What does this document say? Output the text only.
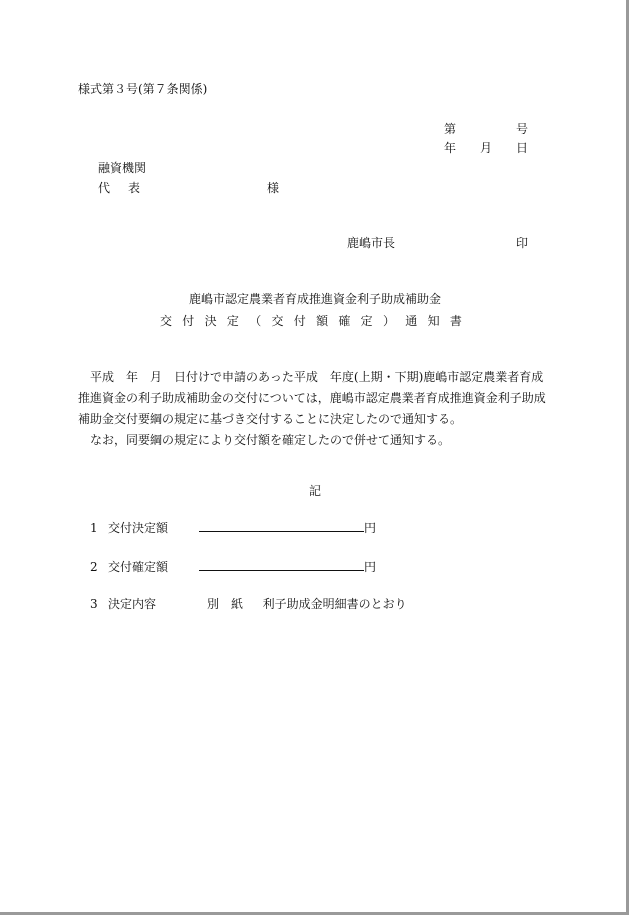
様式第３号(第７条関係)
第	号
年 月 日
融資機関
代 表	様
鹿嶋市長	印
鹿嶋市認定農業者育成推進資金利子助成補助金
交 付 決 定 （ 交 付 額 確 定 ） 通 知 書

平成　年　月　日付けで申請のあった平成　年度(上期・下期)鹿嶋市認定農業者育成推進資金の利子助成補助金の交付については，鹿嶋市認定農業者育成推進資金利子助成補助金交付要綱の規定に基づき交付することに決定したので通知する。

なお，同要綱の規定により交付額を確定したので併せて通知する。

記
1 交付決定額	円
2 交付確定額	円
3 決定内容	別　紙 利子助成金明細書のとおり
